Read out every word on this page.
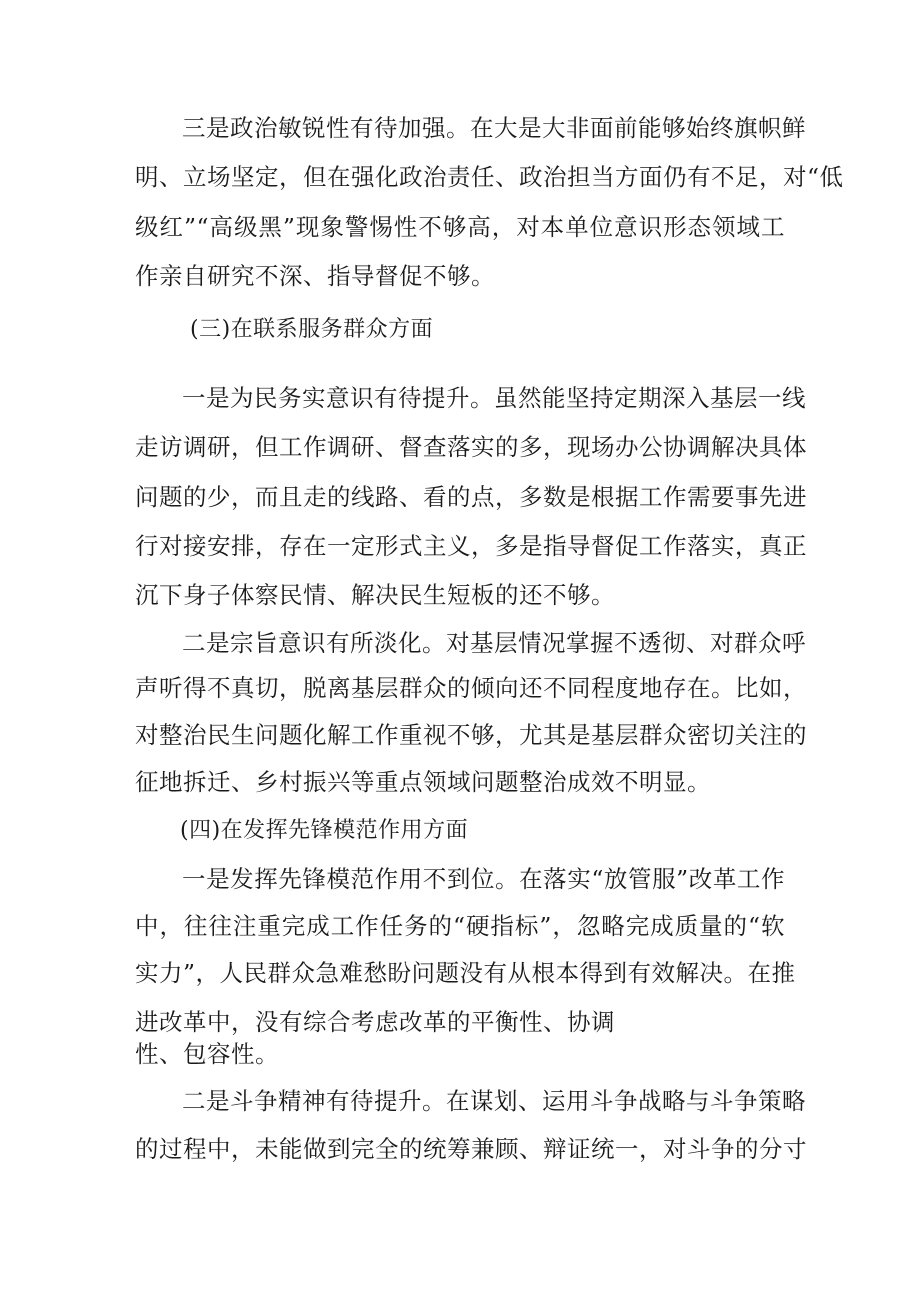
三是政治敏锐性有待加强。在大是大非面前能够始终旗帜鲜
明、立场坚定，但在强化政治责任、政治担当方面仍有不足，对“低
级红”“高级黑”现象警惕性不够高，对本单位意识形态领域工
作亲自研究不深、指导督促不够。
(三)在联系服务群众方面
一是为民务实意识有待提升。虽然能坚持定期深入基层一线
走访调研，但工作调研、督查落实的多，现场办公协调解决具体
问题的少，而且走的线路、看的点，多数是根据工作需要事先进
行对接安排，存在一定形式主义，多是指导督促工作落实，真正
沉下身子体察民情、解决民生短板的还不够。
二是宗旨意识有所淡化。对基层情况掌握不透彻、对群众呼
声听得不真切，脱离基层群众的倾向还不同程度地存在。比如，
对整治民生问题化解工作重视不够，尤其是基层群众密切关注的
征地拆迁、乡村振兴等重点领域问题整治成效不明显。
(四)在发挥先锋模范作用方面
一是发挥先锋模范作用不到位。在落实“放管服”改革工作
中，往往注重完成工作任务的“硬指标”，忽略完成质量的“软
实力”，人民群众急难愁盼问题没有从根本得到有效解决。在推
进改革中，没有综合考虑改革的平衡性、协调
性、包容性。
二是斗争精神有待提升。在谋划、运用斗争战略与斗争策略
的过程中，未能做到完全的统筹兼顾、辩证统一，对斗争的分寸
